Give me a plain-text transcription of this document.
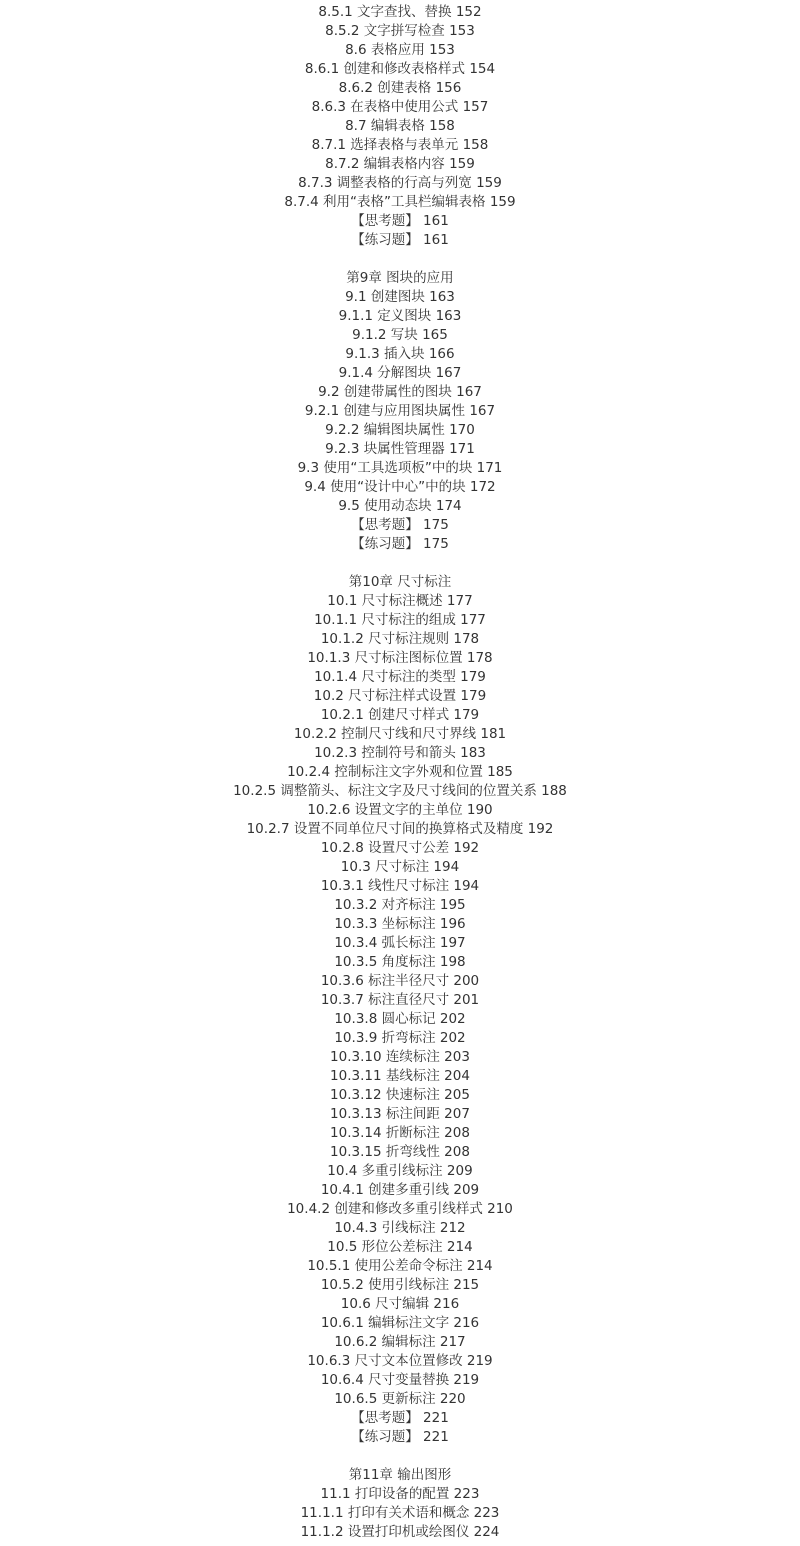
8.5.1 文字查找、替换 152
8.5.2 文字拼写检查 153
8.6 表格应用 153
8.6.1 创建和修改表格样式 154
8.6.2 创建表格 156
8.6.3 在表格中使用公式 157
8.7 编辑表格 158
8.7.1 选择表格与表单元 158
8.7.2 编辑表格内容 159
8.7.3 调整表格的行高与列宽 159
8.7.4 利用“表格”工具栏编辑表格 159
【思考题】 161
【练习题】 161
第9章 图块的应用
9.1 创建图块 163
9.1.1 定义图块 163
9.1.2 写块 165
9.1.3 插入块 166
9.1.4 分解图块 167
9.2 创建带属性的图块 167
9.2.1 创建与应用图块属性 167
9.2.2 编辑图块属性 170
9.2.3 块属性管理器 171
9.3 使用“工具选项板”中的块 171
9.4 使用“设计中心”中的块 172
9.5 使用动态块 174
【思考题】 175
【练习题】 175
第10章 尺寸标注
10.1 尺寸标注概述 177
10.1.1 尺寸标注的组成 177
10.1.2 尺寸标注规则 178
10.1.3 尺寸标注图标位置 178
10.1.4 尺寸标注的类型 179
10.2 尺寸标注样式设置 179
10.2.1 创建尺寸样式 179
10.2.2 控制尺寸线和尺寸界线 181
10.2.3 控制符号和箭头 183
10.2.4 控制标注文字外观和位置 185
10.2.5 调整箭头、标注文字及尺寸线间的位置关系 188
10.2.6 设置文字的主单位 190
10.2.7 设置不同单位尺寸间的换算格式及精度 192
10.2.8 设置尺寸公差 192
10.3 尺寸标注 194
10.3.1 线性尺寸标注 194
10.3.2 对齐标注 195
10.3.3 坐标标注 196
10.3.4 弧长标注 197
10.3.5 角度标注 198
10.3.6 标注半径尺寸 200
10.3.7 标注直径尺寸 201
10.3.8 圆心标记 202
10.3.9 折弯标注 202
10.3.10 连续标注 203
10.3.11 基线标注 204
10.3.12 快速标注 205
10.3.13 标注间距 207
10.3.14 折断标注 208
10.3.15 折弯线性 208
10.4 多重引线标注 209
10.4.1 创建多重引线 209
10.4.2 创建和修改多重引线样式 210
10.4.3 引线标注 212
10.5 形位公差标注 214
10.5.1 使用公差命令标注 214
10.5.2 使用引线标注 215
10.6 尺寸编辑 216
10.6.1 编辑标注文字 216
10.6.2 编辑标注 217
10.6.3 尺寸文本位置修改 219
10.6.4 尺寸变量替换 219
10.6.5 更新标注 220
【思考题】 221
【练习题】 221
第11章 输出图形
11.1 打印设备的配置 223
11.1.1 打印有关术语和概念 223
11.1.2 设置打印机或绘图仪 224
